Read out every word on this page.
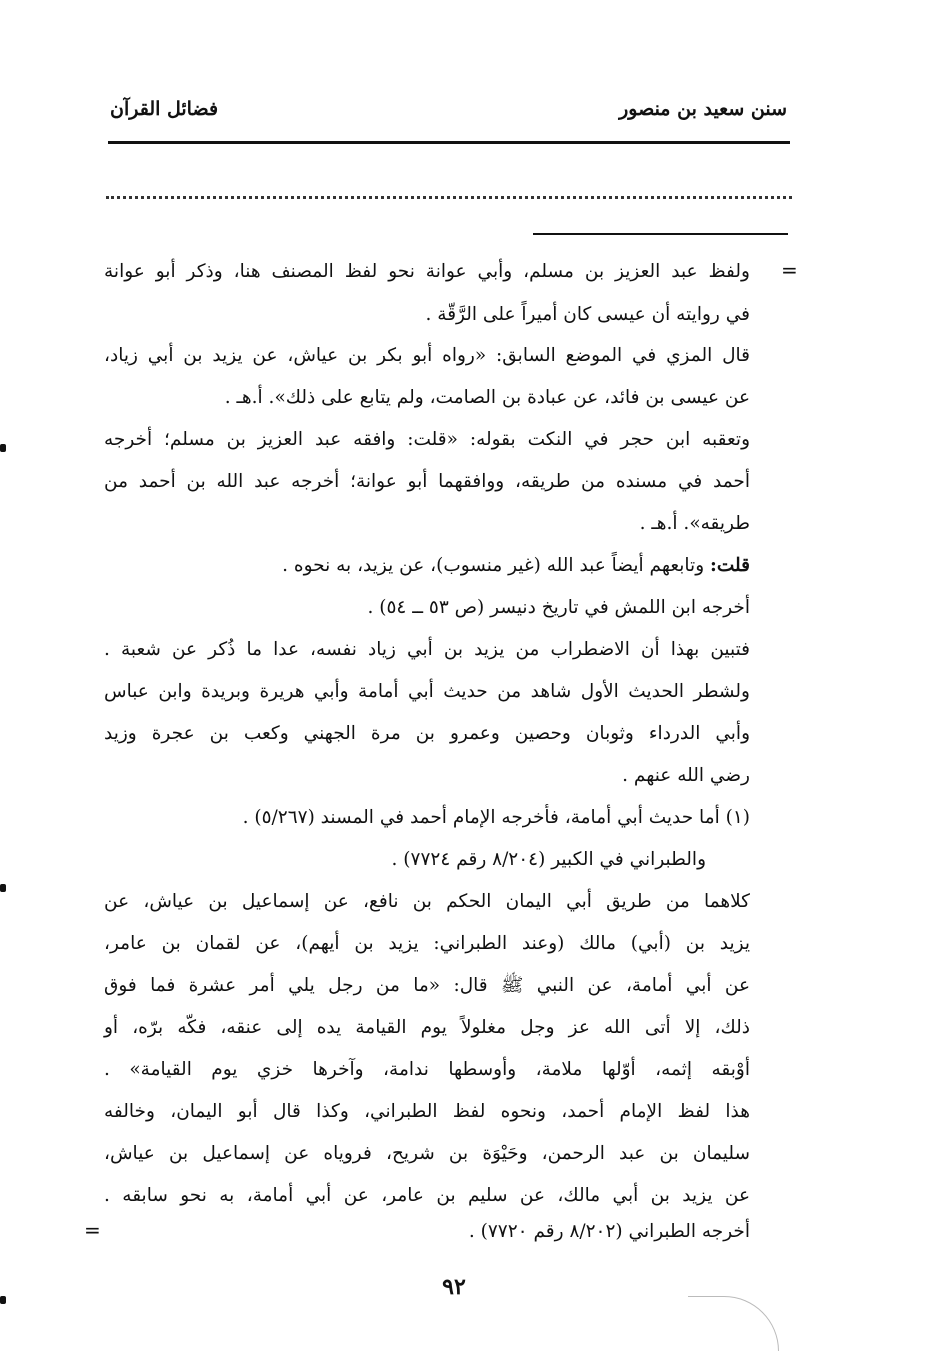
سنن سعيد بن منصور
فضائل القرآن
=
ولفظ عبد العزيز بن مسلم، وأبي عوانة نحو لفظ المصنف هنا، وذكر أبو عوانة
في روايته أن عيسى كان أميراً على الرَّقّة .
قال المزي في الموضع السابق: «رواه أبو بكر بن عياش، عن يزيد بن أبي زياد،
عن عيسى بن فائد، عن عبادة بن الصامت، ولم يتابع على ذلك». أ.هـ .
وتعقبه ابن حجر في النكت بقوله: «قلت: وافقه عبد العزيز بن مسلم؛ أخرجه
أحمد في مسنده من طريقه، ووافقهما أبو عوانة؛ أخرجه عبد الله بن أحمد من
طريقه». أ.هـ .
قلت: وتابعهم أيضاً عبد الله (غير منسوب)، عن يزيد، به نحوه .
أخرجه ابن اللمش في تاريخ دنيسر (ص ٥٣ ــ ٥٤) .
فتبين بهذا أن الاضطراب من يزيد بن أبي زياد نفسه، عدا ما ذُكر عن شعبة .
ولشطر الحديث الأول شاهد من حديث أبي أمامة وأبي هريرة وبريدة وابن عباس
وأبي الدرداء وثوبان وحصين وعمرو بن مرة الجهني وكعب بن عجرة وزيد
رضي الله عنهم .
(١) أما حديث أبي أمامة، فأخرجه الإمام أحمد في المسند (٥/٢٦٧) .
والطبراني في الكبير (٨/٢٠٤ رقم ٧٧٢٤) .
كلاهما من طريق أبي اليمان الحكم بن نافع، عن إسماعيل بن عياش، عن
يزيد بن (أبي) مالك (وعند الطبراني: يزيد بن أيهم)، عن لقمان بن عامر،
عن أبي أمامة، عن النبي ﷺ قال: «ما من رجل يلي أمر عشرة فما فوق
ذلك، إلا أتى الله عز وجل مغلولاً يوم القيامة يده إلى عنقه، فكّه برّه، أو
أوْبقه إثمه، أوّلها ملامة، وأوسطها ندامة، وآخرها خزي يوم القيامة» .
هذا لفظ الإمام أحمد، ونحوه لفظ الطبراني، وكذا قال أبو اليمان، وخالفه
سليمان بن عبد الرحمن، وحَيْوَة بن شريح، فروياه عن إسماعيل بن عياش،
عن يزيد بن أبي مالك، عن سليم بن عامر، عن أبي أمامة، به نحو سابقه .
أخرجه الطبراني (٨/٢٠٢ رقم ٧٧٢٠) .
=
٩٢
